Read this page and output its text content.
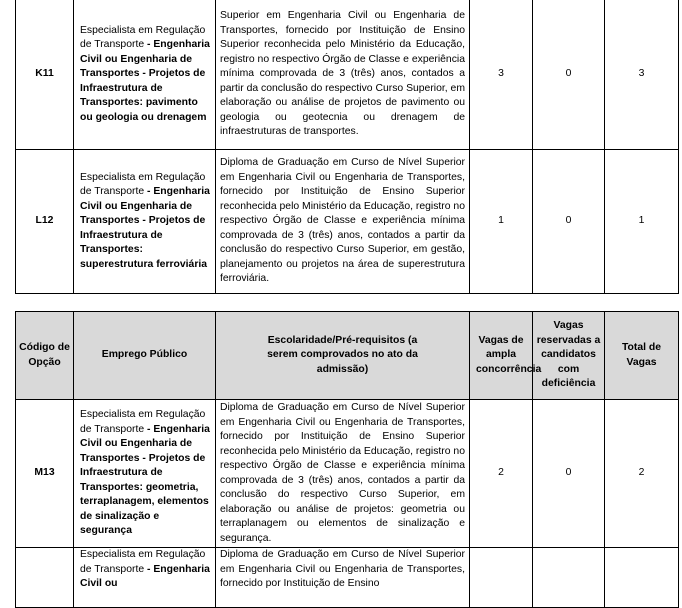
K11	Especialista em Regulação de Transporte - Engenharia Civil ou Engenharia de Transportes - Projetos de Infraestrutura de Transportes: pavimento ou geologia ou drenagem	Superior em Engenharia Civil ou Engenharia de Transportes, fornecido por Instituição de Ensino Superior reconhecida pelo Ministério da Educação, registro no respectivo Órgão de Classe e experiência mínima comprovada de 3 (três) anos, contados a partir da conclusão do respectivo Curso Superior, em elaboração ou análise de projetos de pavimento ou geologia ou geotecnia ou drenagem de infraestruturas de transportes.	3	0	3
L12	Especialista em Regulação de Transporte - Engenharia Civil ou Engenharia de Transportes - Projetos de Infraestrutura de Transportes: superestrutura ferroviária	Diploma de Graduação em Curso de Nível Superior em Engenharia Civil ou Engenharia de Transportes, fornecido por Instituição de Ensino Superior reconhecida pelo Ministério da Educação, registro no respectivo Órgão de Classe e experiência mínima comprovada de 3 (três) anos, contados a partir da conclusão do respectivo Curso Superior, em gestão, planejamento ou projetos na área de superestrutura ferroviária.	1	0	1
Código de Opção	Emprego Público	Escolaridade/Pré-requisitos (a serem comprovados no ato da admissão)	Vagas de ampla concorrência	Vagas reservadas a candidatos com deficiência	Total de Vagas
M13	Especialista em Regulação de Transporte - Engenharia Civil ou Engenharia de Transportes - Projetos de Infraestrutura de Transportes: geometria, terraplanagem, elementos de sinalização e segurança	Diploma de Graduação em Curso de Nível Superior em Engenharia Civil ou Engenharia de Transportes, fornecido por Instituição de Ensino Superior reconhecida pelo Ministério da Educação, registro no respectivo Órgão de Classe e experiência mínima comprovada de 3 (três) anos, contados a partir da conclusão do respectivo Curso Superior, em elaboração ou análise de projetos: geometria ou terraplanagem ou elementos de sinalização e segurança.	2	0	2
	Especialista em Regulação de Transporte - Engenharia Civil ou	Diploma de Graduação em Curso de Nível Superior em Engenharia Civil ou Engenharia de Transportes, fornecido por Instituição de Ensino			
